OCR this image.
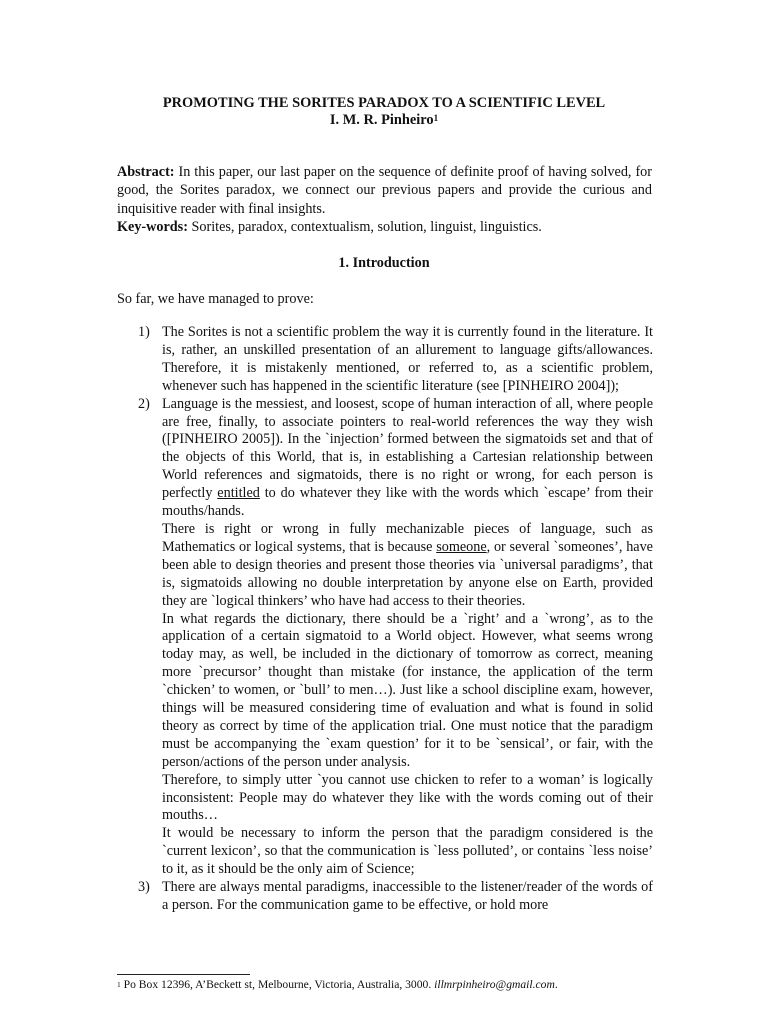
PROMOTING THE SORITES PARADOX TO A SCIENTIFIC LEVEL
I. M. R. Pinheiro$^1$
Abstract: In this paper, our last paper on the sequence of definite proof of having solved, for good, the Sorites paradox, we connect our previous papers and provide the curious and inquisitive reader with final insights.
Key-words: Sorites, paradox, contextualism, solution, linguist, linguistics.
1. Introduction
So far, we have managed to prove:
1) The Sorites is not a scientific problem the way it is currently found in the literature. It is, rather, an unskilled presentation of an allurement to language gifts/allowances. Therefore, it is mistakenly mentioned, or referred to, as a scientific problem, whenever such has happened in the scientific literature (see [PINHEIRO 2004]);
2) Language is the messiest, and loosest, scope of human interaction of all, where people are free, finally, to associate pointers to real-world references the way they wish ([PINHEIRO 2005]). In the `injection’ formed between the sigmatoids set and that of the objects of this World, that is, in establishing a Cartesian relationship between World references and sigmatoids, there is no right or wrong, for each person is perfectly entitled to do whatever they like with the words which `escape’ from their mouths/hands.
There is right or wrong in fully mechanizable pieces of language, such as Mathematics or logical systems, that is because someone, or several `someones’, have been able to design theories and present those theories via `universal paradigms’, that is, sigmatoids allowing no double interpretation by anyone else on Earth, provided they are `logical thinkers’ who have had access to their theories.
In what regards the dictionary, there should be a `right’ and a `wrong’, as to the application of a certain sigmatoid to a World object. However, what seems wrong today may, as well, be included in the dictionary of tomorrow as correct, meaning more `precursor’ thought than mistake (for instance, the application of the term `chicken’ to women, or `bull’ to men…). Just like a school discipline exam, however, things will be measured considering time of evaluation and what is found in solid theory as correct by time of the application trial. One must notice that the paradigm must be accompanying the `exam question’ for it to be `sensical’, or fair, with the person/actions of the person under analysis.
Therefore, to simply utter `you cannot use chicken to refer to a woman’ is logically inconsistent: People may do whatever they like with the words coming out of their mouths…
It would be necessary to inform the person that the paradigm considered is the `current lexicon’, so that the communication is `less polluted’, or contains `less noise’ to it, as it should be the only aim of Science;
3) There are always mental paradigms, inaccessible to the listener/reader of the words of a person. For the communication game to be effective, or hold more
$^1$ Po Box 12396, A’Beckett st, Melbourne, Victoria, Australia, 3000. illmrpinheiro@gmail.com.
